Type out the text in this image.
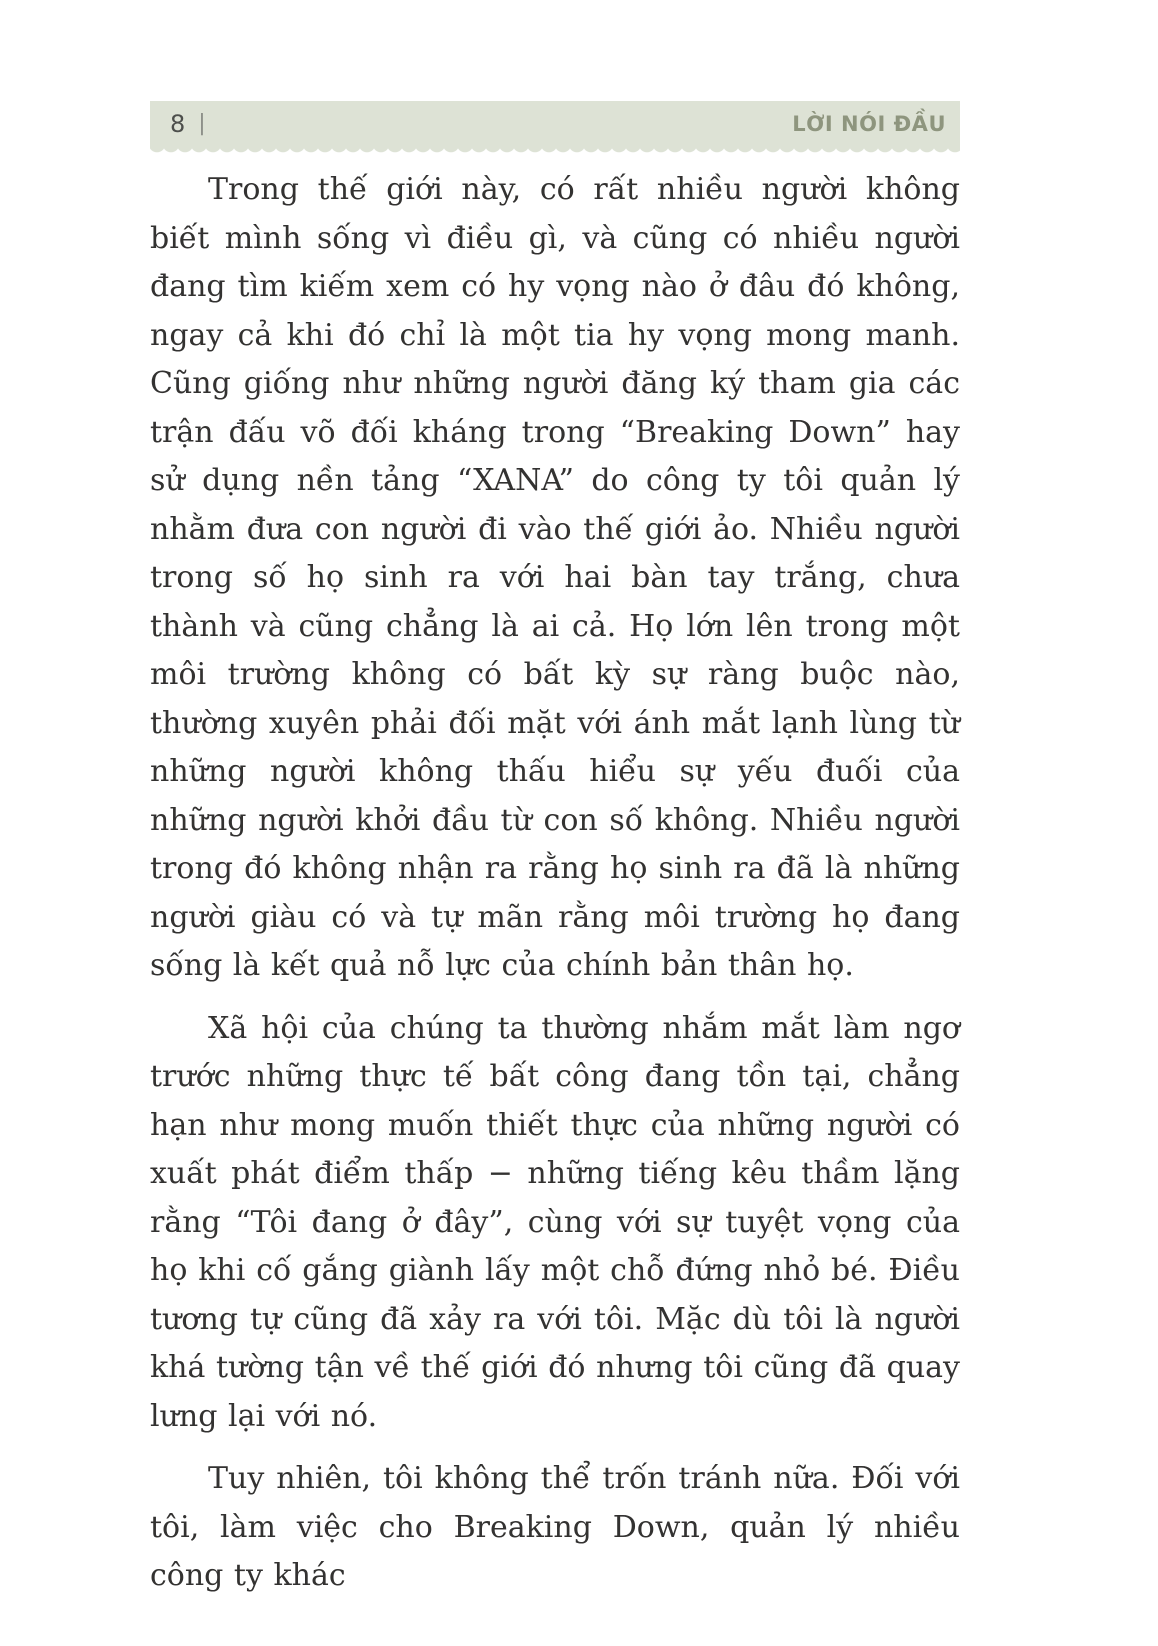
8 |	LỜI NÓI ĐẦU

Trong thế giới này, có rất nhiều người không biết mình sống vì điều gì, và cũng có nhiều người đang tìm kiếm xem có hy vọng nào ở đâu đó không, ngay cả khi đó chỉ là một tia hy vọng mong manh. Cũng giống như những người đăng ký tham gia các trận đấu võ đối kháng trong “Breaking Down” hay sử dụng nền tảng “XANA” do công ty tôi quản lý nhằm đưa con người đi vào thế giới ảo. Nhiều người trong số họ sinh ra với hai bàn tay trắng, chưa thành và cũng chẳng là ai cả. Họ lớn lên trong một môi trường không có bất kỳ sự ràng buộc nào, thường xuyên phải đối mặt với ánh mắt lạnh lùng từ những người không thấu hiểu sự yếu đuối của những người khởi đầu từ con số không. Nhiều người trong đó không nhận ra rằng họ sinh ra đã là những người giàu có và tự mãn rằng môi trường họ đang sống là kết quả nỗ lực của chính bản thân họ.

Xã hội của chúng ta thường nhắm mắt làm ngơ trước những thực tế bất công đang tồn tại, chẳng hạn như mong muốn thiết thực của những người có xuất phát điểm thấp − những tiếng kêu thầm lặng rằng “Tôi đang ở đây”, cùng với sự tuyệt vọng của họ khi cố gắng giành lấy một chỗ đứng nhỏ bé. Điều tương tự cũng đã xảy ra với tôi. Mặc dù tôi là người khá tường tận về thế giới đó nhưng tôi cũng đã quay lưng lại với nó.

Tuy nhiên, tôi không thể trốn tránh nữa. Đối với tôi, làm việc cho Breaking Down, quản lý nhiều công ty khác
